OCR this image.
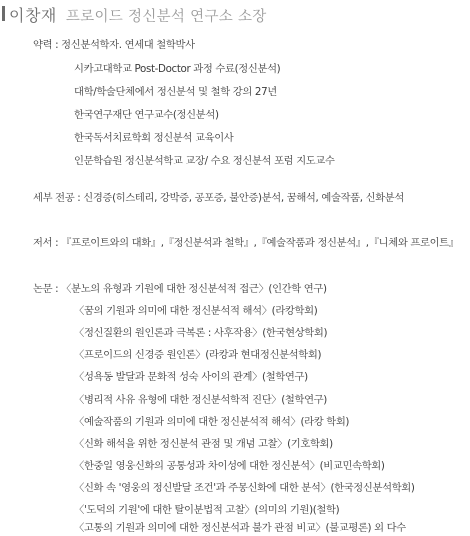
이창재 프로이드 정신분석 연구소 소장
약력 : 정신분석학자. 연세대 철학박사
시카고대학교 Post-Doctor 과정 수료(정신분석)
대학/학술단체에서 정신분석 및 철학 강의 27년
한국연구재단 연구교수(정신분석)
한국독서치료학회 정신분석 교육이사
인문학습원 정신분석학교 교장/ 수요 정신분석 포럼 지도교수
세부 전공 : 신경증(히스테리, 강박증, 공포증, 불안증)분석, 꿈해석, 예술작품, 신화분석
저서 : 『프로이트와의 대화』,『정신분석과 철학』,『예술작품과 정신분석』,『니체와 프로이트』
논문 : 〈분노의 유형과 기원에 대한 정신분석적 접근〉(인간학 연구)
〈꿈의 기원과 의미에 대한 정신분석적 해석〉(라캉학회)
〈정신질환의 원인론과 극복론 : 사후작용〉(한국현상학회)
〈프로이드의 신경증 원인론〉(라캉과 현대정신분석학회)
〈성욕동 발달과 문화적 성숙 사이의 관계〉(철학연구)
〈병리적 사유 유형에 대한 정신분석학적 진단〉(철학연구)
〈예술작품의 기원과 의미에 대한 정신분석적 해석〉(라캉 학회)
〈신화 해석을 위한 정신분석 관점 및 개념 고찰〉(기호학회)
〈한중일 영웅신화의 공통성과 차이성에 대한 정신분석〉(비교민속학회)
〈신화 속 '영웅의 정신발달 조건'과 주몽신화에 대한 분석〉(한국정신분석학회)
〈'도덕의 기원'에 대한 탈이분법적 고찰〉(의미의 기원)(철학)
〈고통의 기원과 의미에 대한 정신분석과 불가 관점 비교〉(불교평론) 외 다수
